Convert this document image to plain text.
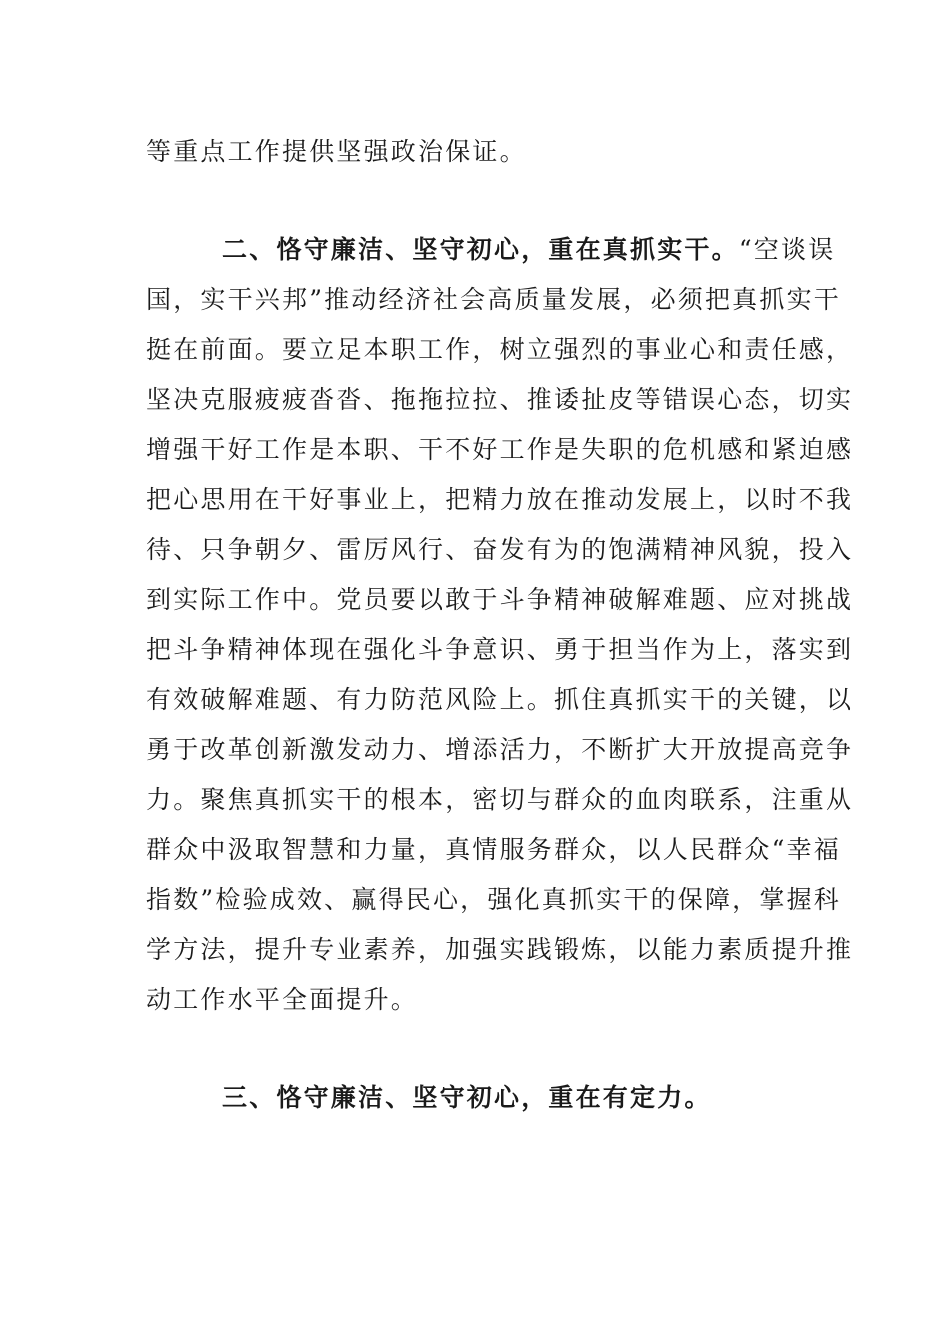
等重点工作提供坚强政治保证。
二、恪守廉洁、坚守初心，重在真抓实干。“空谈误
国，实干兴邦”推动经济社会高质量发展，必须把真抓实干
挺在前面。要立足本职工作，树立强烈的事业心和责任感，
坚决克服疲疲沓沓、拖拖拉拉、推诿扯皮等错误心态，切实
增强干好工作是本职、干不好工作是失职的危机感和紧迫感
把心思用在干好事业上，把精力放在推动发展上，以时不我
待、只争朝夕、雷厉风行、奋发有为的饱满精神风貌，投入
到实际工作中。党员要以敢于斗争精神破解难题、应对挑战
把斗争精神体现在强化斗争意识、勇于担当作为上，落实到
有效破解难题、有力防范风险上。抓住真抓实干的关键，以
勇于改革创新激发动力、增添活力，不断扩大开放提高竞争
力。聚焦真抓实干的根本，密切与群众的血肉联系，注重从
群众中汲取智慧和力量，真情服务群众，以人民群众“幸福
指数”检验成效、赢得民心，强化真抓实干的保障，掌握科
学方法，提升专业素养，加强实践锻炼，以能力素质提升推
动工作水平全面提升。
三、恪守廉洁、坚守初心，重在有定力。
